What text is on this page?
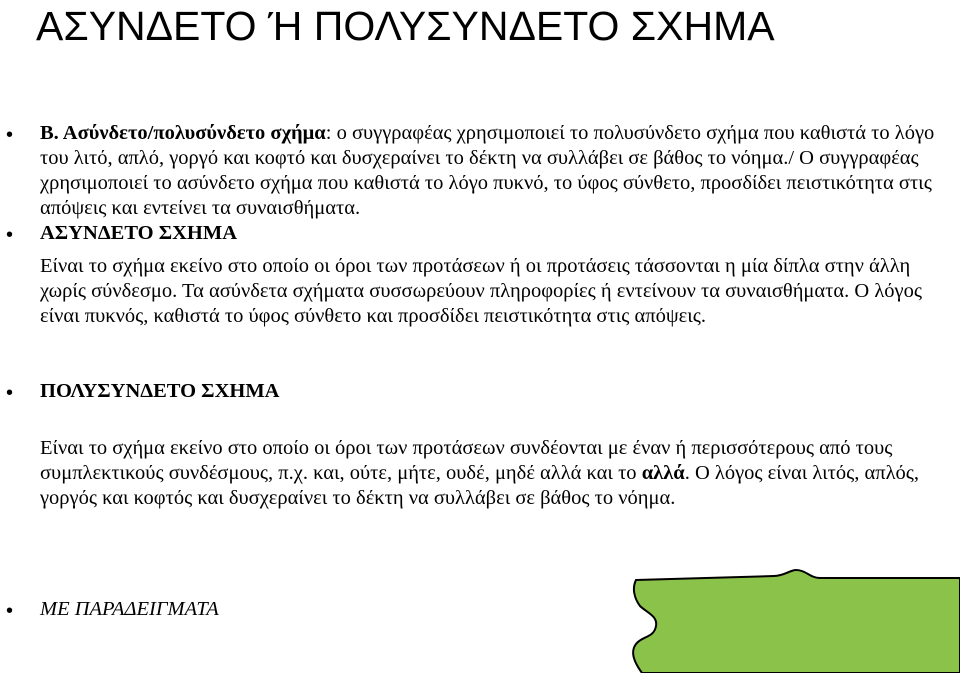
ΑΣΥΝΔΕΤΟ Ή ΠΟΛΥΣΥΝΔΕΤΟ ΣΧΗΜΑ
• Β. Ασύνδετο/πολυσύνδετο σχήμα: ο συγγραφέας χρησιμοποιεί το πολυσύνδετο σχήμα που καθιστά το λόγο του λιτό, απλό, γοργό και κοφτό και δυσχεραίνει το δέκτη να συλλάβει σε βάθος το νόημα./ Ο συγγραφέας χρησιμοποιεί το ασύνδετο σχήμα που καθιστά το λόγο πυκνό, το ύφος σύνθετο, προσδίδει πειστικότητα στις απόψεις και εντείνει τα συναισθήματα.
• ΑΣΥΝΔΕΤΟ ΣΧΗΜΑ
Είναι το σχήμα εκείνο στο οποίο οι όροι των προτάσεων ή οι προτάσεις τάσσονται η μία δίπλα στην άλλη χωρίς σύνδεσμο. Τα ασύνδετα σχήματα συσσωρεύουν πληροφορίες ή εντείνουν τα συναισθήματα. Ο λόγος είναι πυκνός, καθιστά το ύφος σύνθετο και προσδίδει πειστικότητα στις απόψεις.
• ΠΟΛΥΣΥΝΔΕΤΟ ΣΧΗΜΑ
Είναι το σχήμα εκείνο στο οποίο οι όροι των προτάσεων συνδέονται με έναν ή περισσότερους από τους συμπλεκτικούς συνδέσμους, π.χ. και, ούτε, μήτε, ουδέ, μηδέ αλλά και το αλλά. Ο λόγος είναι λιτός, απλός, γοργός και κοφτός και δυσχεραίνει το δέκτη να συλλάβει σε βάθος το νόημα.
• ΜΕ ΠΑΡΑΔΕΙΓΜΑΤΑ
